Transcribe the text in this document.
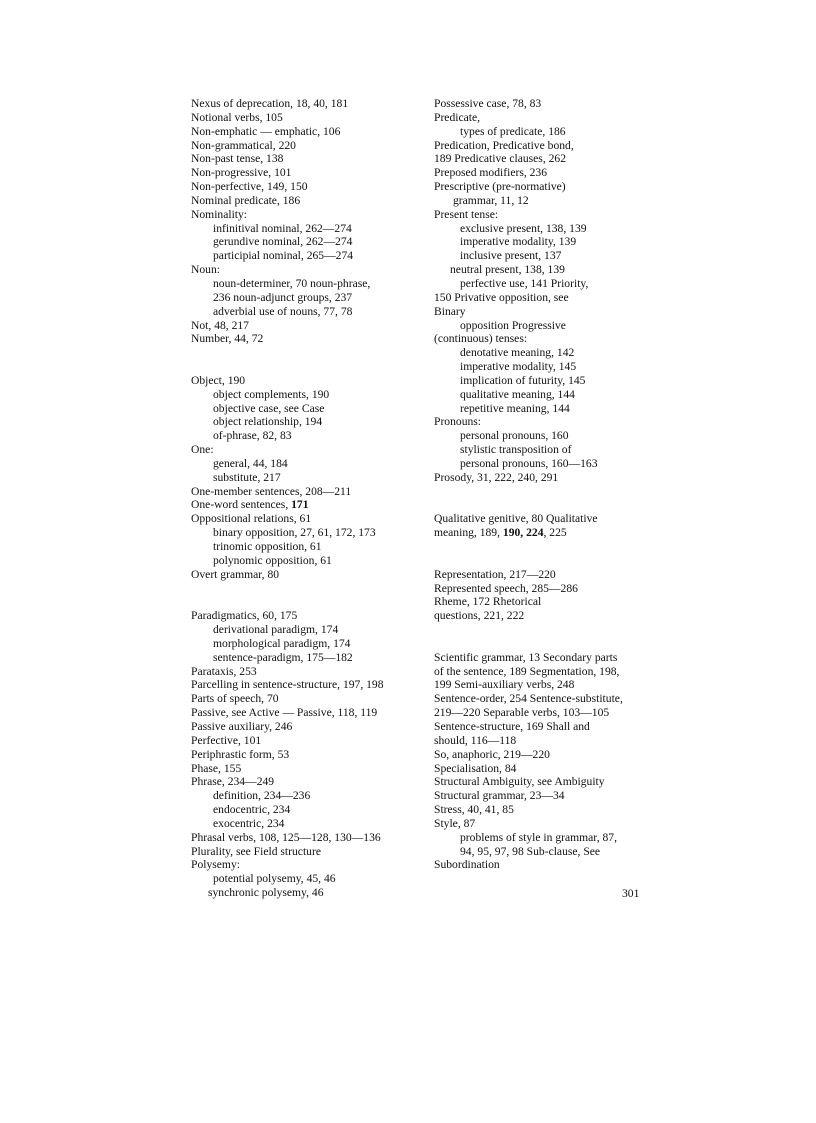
Nexus of deprecation, 18, 40, 181
Notional verbs, 105
Non-emphatic — emphatic, 106
Non-grammatical, 220
Non-past tense, 138
Non-progressive, 101
Non-perfective, 149, 150
Nominal predicate, 186
Nominality:
infinitival nominal, 262—274
gerundive nominal, 262—274
participial nominal, 265—274
Noun:
noun-determiner, 70 noun-phrase,
236 noun-adjunct groups, 237
adverbial use of nouns, 77, 78
Not, 48, 217
Number, 44, 72
Object, 190
object complements, 190
objective case, see Case
object relationship, 194
of-phrase, 82, 83
One:
general, 44, 184
substitute, 217
One-member sentences, 208—211
One-word sentences, 171
Oppositional relations, 61
binary opposition, 27, 61, 172, 173
trinomic opposition, 61
polynomic opposition, 61
Overt grammar, 80
Paradigmatics, 60, 175
derivational paradigm, 174
morphological paradigm, 174
sentence-paradigm, 175—182
Parataxis, 253
Parcelling in sentence-structure, 197, 198
Parts of speech, 70
Passive, see Active — Passive, 118, 119
Passive auxiliary, 246
Perfective, 101
Periphrastic form, 53
Phase, 155
Phrase, 234—249
definition, 234—236
endocentric, 234
exocentric, 234
Phrasal verbs, 108, 125—128, 130—136
Plurality, see Field structure
Polysemy:
potential polysemy, 45, 46
synchronic polysemy, 46
Possessive case, 78, 83
Predicate,
types of predicate, 186
Predication, Predicative bond,
189 Predicative clauses, 262
Preposed modifiers, 236
Prescriptive (pre-normative)
grammar, 11, 12
Present tense:
exclusive present, 138, 139
imperative modality, 139
inclusive present, 137
neutral present, 138, 139
perfective use, 141 Priority,
150 Privative opposition, see
Binary
opposition Progressive
(continuous) tenses:
denotative meaning, 142
imperative modality, 145
implication of futurity, 145
qualitative meaning, 144
repetitive meaning, 144
Pronouns:
personal pronouns, 160
stylistic transposition of
personal pronouns, 160—163
Prosody, 31, 222, 240, 291
Qualitative genitive, 80 Qualitative
meaning, 189, 190, 224, 225
Representation, 217—220
Represented speech, 285—286
Rheme, 172 Rhetorical
questions, 221, 222
Scientific grammar, 13 Secondary parts
of the sentence, 189 Segmentation, 198,
199 Semi-auxiliary verbs, 248
Sentence-order, 254 Sentence-substitute,
219—220 Separable verbs, 103—105
Sentence-structure, 169 Shall and
should, 116—118
So, anaphoric, 219—220
Specialisation, 84
Structural Ambiguity, see Ambiguity
Structural grammar, 23—34
Stress, 40, 41, 85
Style, 87
problems of style in grammar, 87,
94, 95, 97, 98 Sub-clause, See
Subordination
301
